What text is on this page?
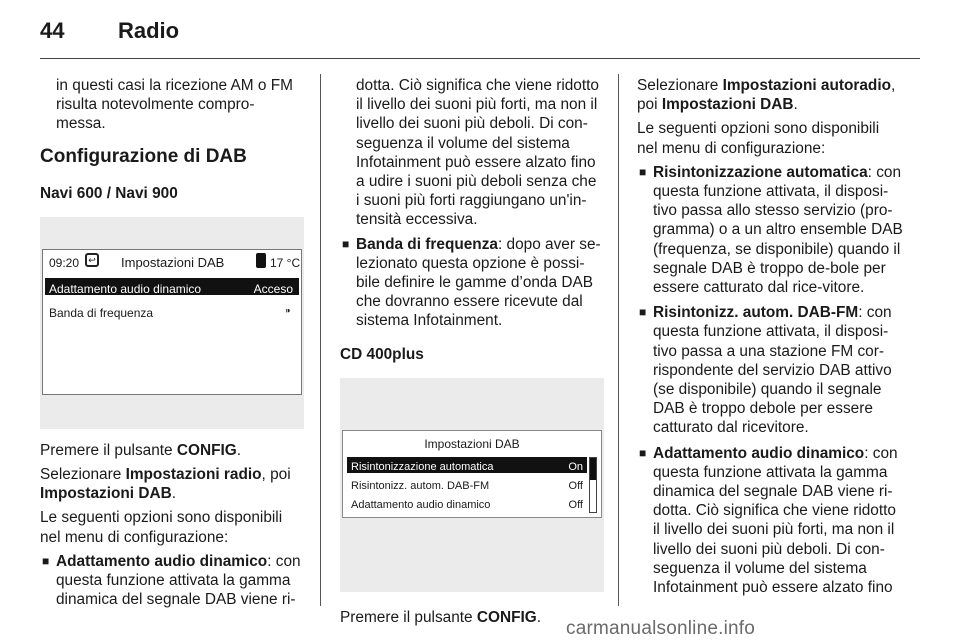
44 Radio

in questi casi la ricezione AM o FM risulta notevolmente compro-messa.

Configurazione di DAB
Navi 600 / Navi 900
09:20	↩ Impostazioni DAB	17 °C
Adattamento audio dinamico	Acceso
Banda di frequenza	⁍

Premere il pulsante CONFIG.

Selezionare Impostazioni radio, poi Impostazioni DAB.

Le seguenti opzioni sono disponibili nel menu di configurazione:

■ Adattamento audio dinamico: con questa funzione attivata la gamma dinamica del segnale DAB viene ri-

dotta. Ciò significa che viene ridotto il livello dei suoni più forti, ma non il livello dei suoni più deboli. Di con-seguenza il volume del sistema Infotainment può essere alzato fino a udire i suoni più deboli senza che i suoni più forti raggiungano un'in-tensità eccessiva.

■ Banda di frequenza: dopo aver se-lezionato questa opzione è possi-bile definire le gamme d’onda DAB che dovranno essere ricevute dal sistema Infotainment.
CD 400plus
Impostazioni DAB
Risintonizzazione automatica	On
Risintonizz. autom. DAB-FM	Off
Adattamento audio dinamico	Off

Premere il pulsante CONFIG.

Selezionare Impostazioni autoradio, poi Impostazioni DAB.

Le seguenti opzioni sono disponibili nel menu di configurazione:

■ Risintonizzazione automatica: con questa funzione attivata, il disposi-tivo passa allo stesso servizio (pro-gramma) o a un altro ensemble DAB (frequenza, se disponibile) quando il segnale DAB è troppo de-bole per essere catturato dal rice-vitore.
■ Risintonizz. autom. DAB-FM: con questa funzione attivata, il disposi-tivo passa a una stazione FM cor-rispondente del servizio DAB attivo (se disponibile) quando il segnale DAB è troppo debole per essere catturato dal ricevitore.
■ Adattamento audio dinamico: con questa funzione attivata la gamma dinamica del segnale DAB viene ri-dotta. Ciò significa che viene ridotto il livello dei suoni più forti, ma non il livello dei suoni più deboli. Di con-seguenza il volume del sistema Infotainment può essere alzato fino
carmanualsonline.info
